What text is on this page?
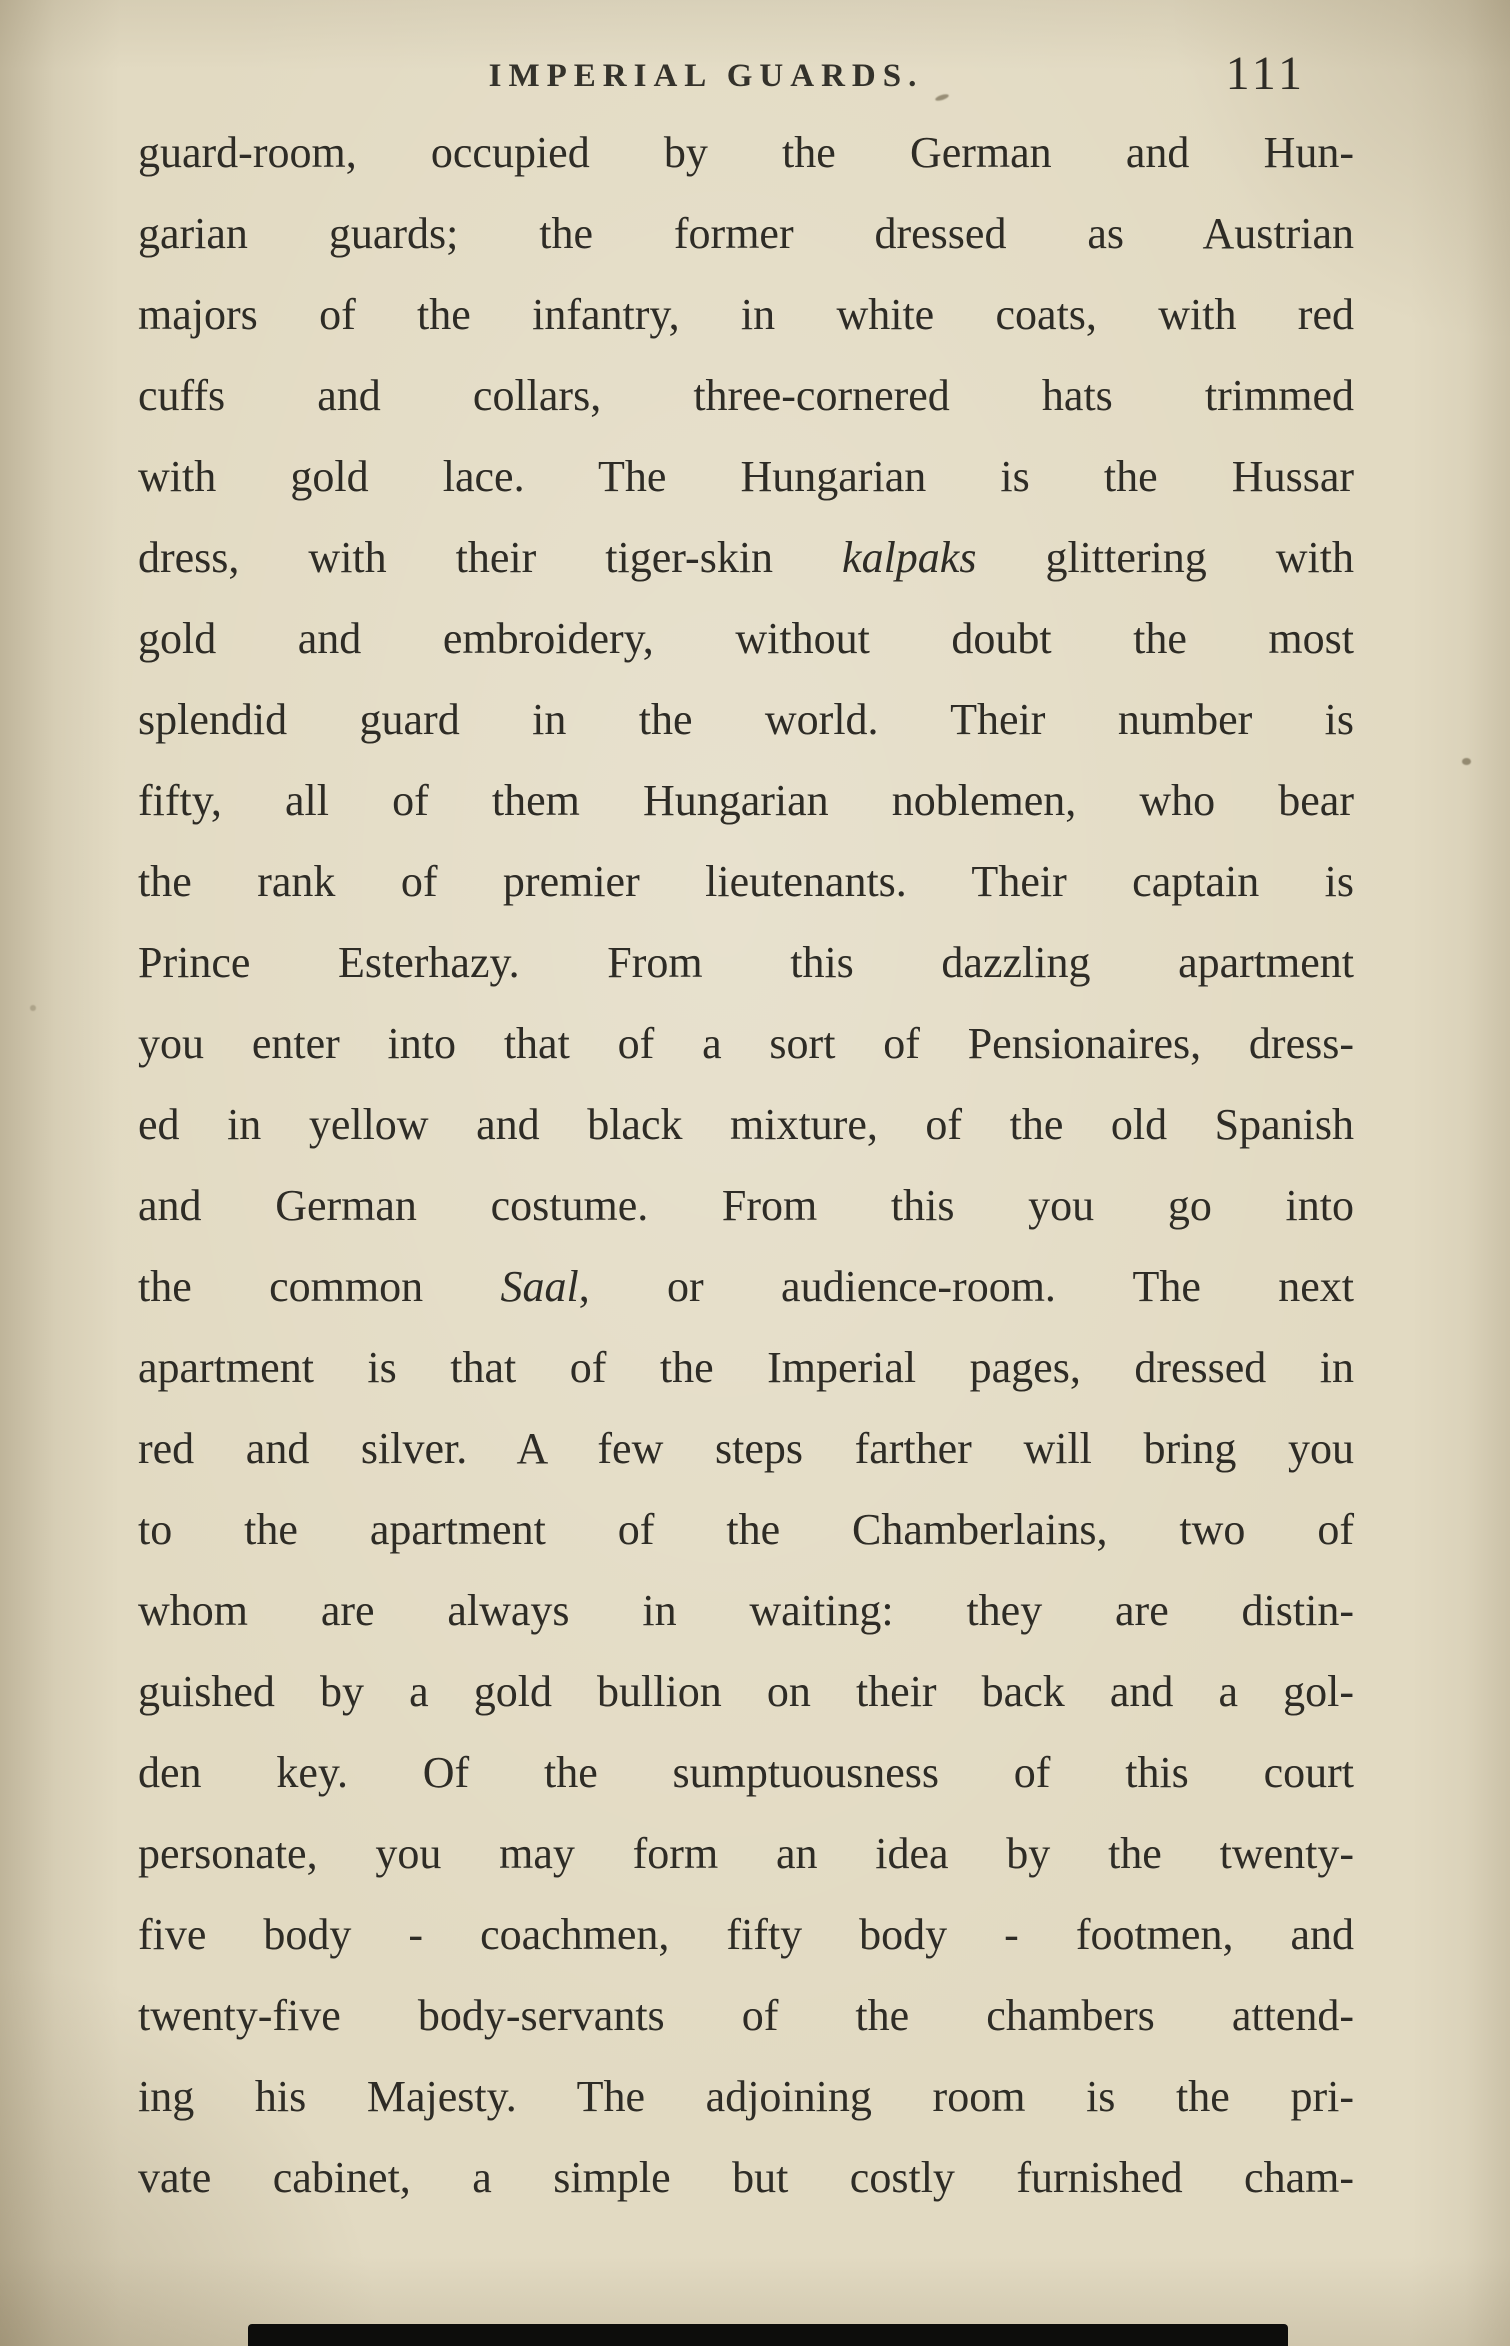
IMPERIAL GUARDS.	111
guard-room, occupied by the German and Hun-
garian guards; the former dressed as Austrian
majors of the infantry, in white coats, with red
cuffs and collars, three-cornered hats trimmed
with gold lace. The Hungarian is the Hussar
dress, with their tiger-skin kalpaks glittering with
gold and embroidery, without doubt the most
splendid guard in the world. Their number is
fifty, all of them Hungarian noblemen, who bear
the rank of premier lieutenants. Their captain is
Prince Esterhazy. From this dazzling apartment
you enter into that of a sort of Pensionaires, dress-
ed in yellow and black mixture, of the old Spanish
and German costume. From this you go into
the common Saal, or audience-room. The next
apartment is that of the Imperial pages, dressed in
red and silver. A few steps farther will bring you
to the apartment of the Chamberlains, two of
whom are always in waiting: they are distin-
guished by a gold bullion on their back and a gol-
den key. Of the sumptuousness of this court
personate, you may form an idea by the twenty-
five body - coachmen, fifty body - footmen, and
twenty-five body-servants of the chambers attend-
ing his Majesty. The adjoining room is the pri-
vate cabinet, a simple but costly furnished cham-
